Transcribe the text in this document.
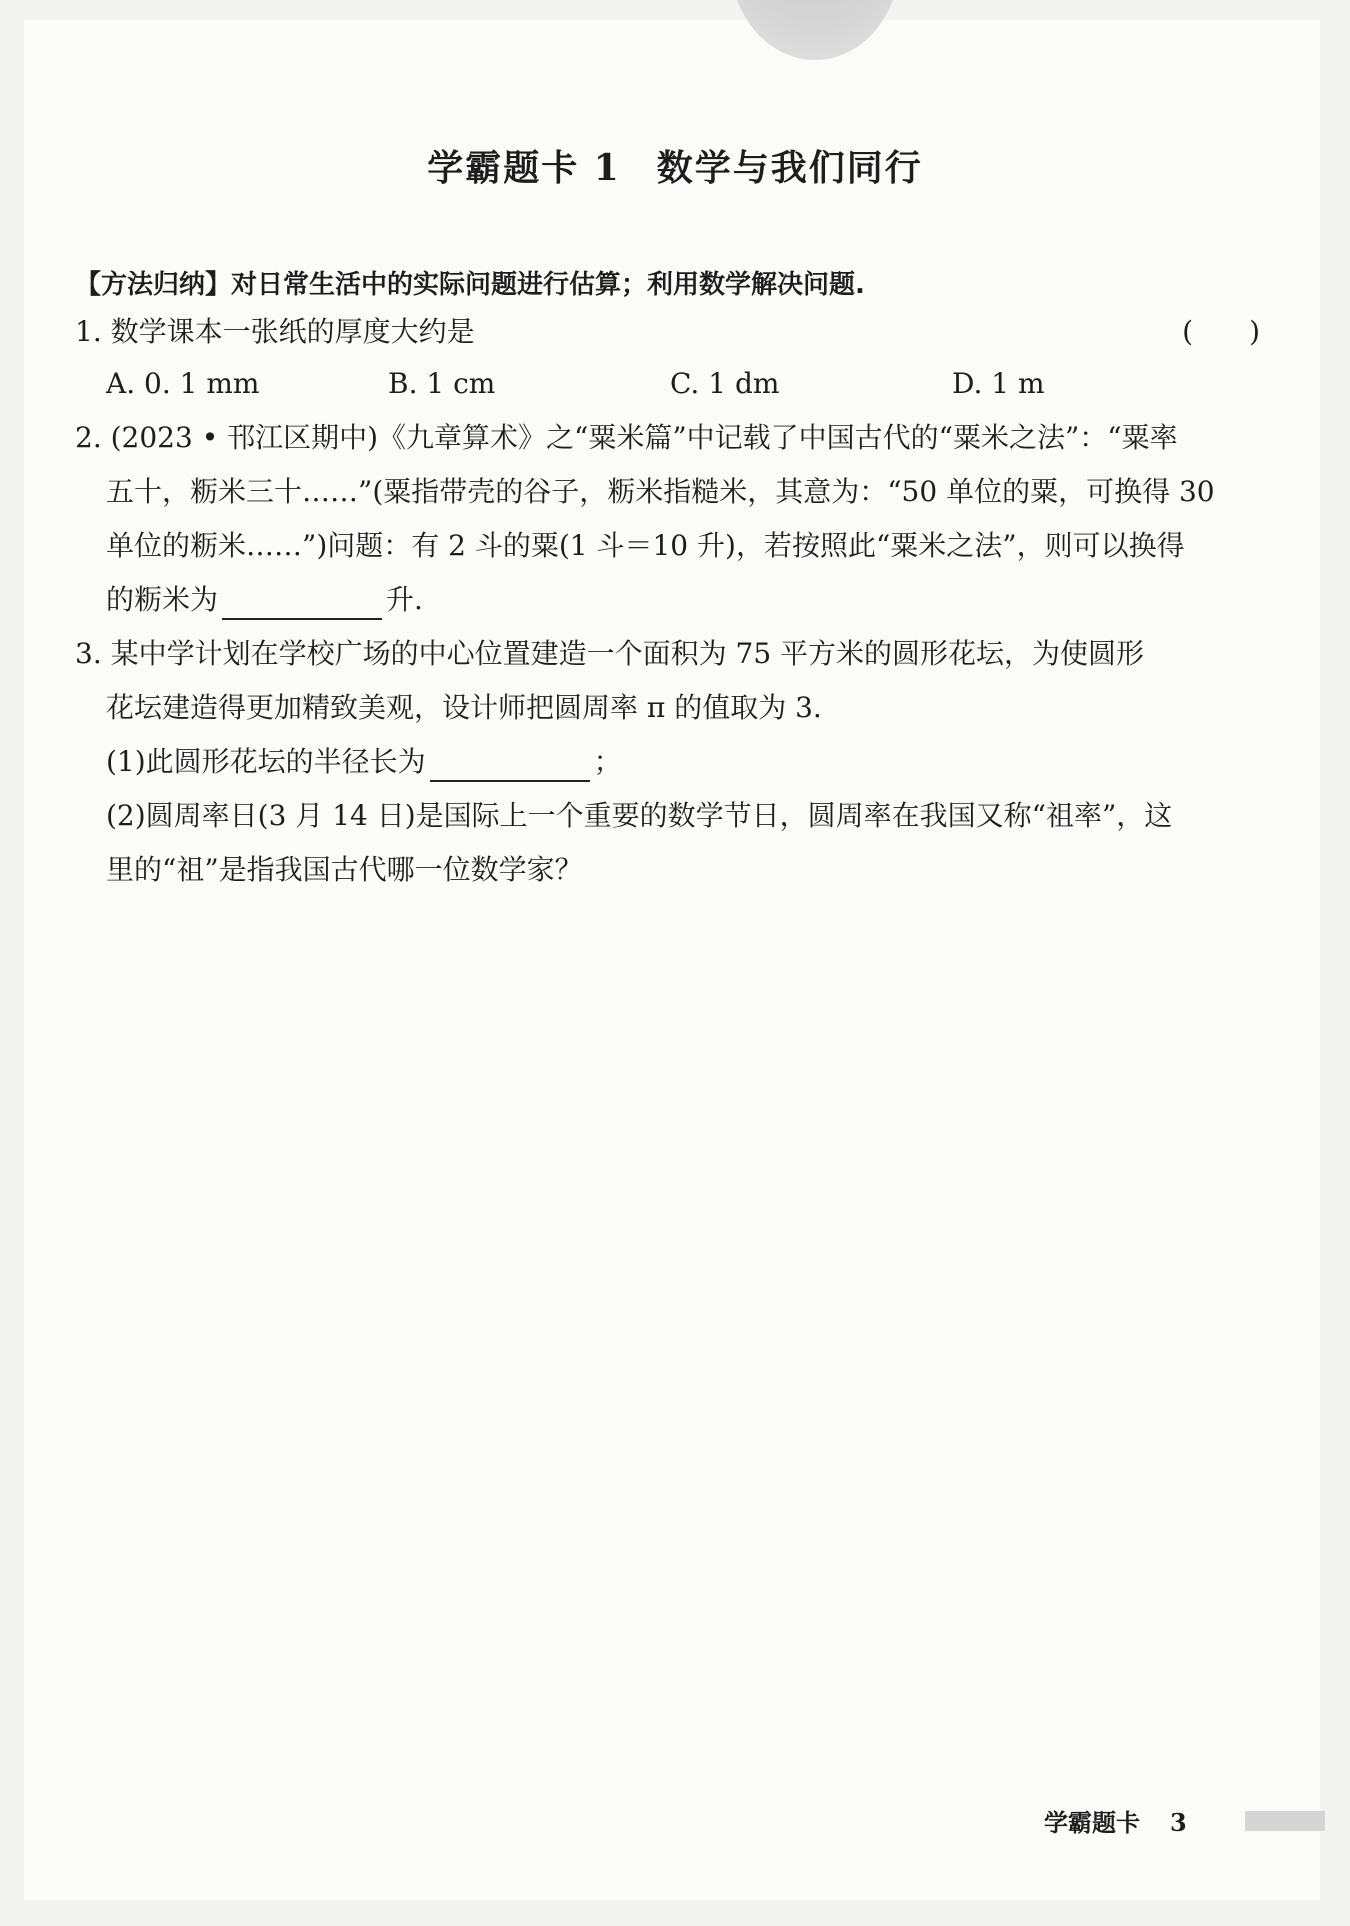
学霸题卡 1 数学与我们同行
【方法归纳】对日常生活中的实际问题进行估算；利用数学解决问题.
1. 数学课本一张纸的厚度大约是	(　　)
A. 0. 1 mm	B. 1 cm	C. 1 dm	D. 1 m
2. (2023 • 邗江区期中)《九章算术》之“粟米篇”中记载了中国古代的“粟米之法”：“粟率
五十，粝米三十……”(粟指带壳的谷子，粝米指糙米，其意为：“50 单位的粟，可换得 30
单位的粝米……”)问题：有 2 斗的粟(1 斗＝10 升)，若按照此“粟米之法”，则可以换得
的粝米为	升.
3. 某中学计划在学校广场的中心位置建造一个面积为 75 平方米的圆形花坛，为使圆形
花坛建造得更加精致美观，设计师把圆周率 π 的值取为 3.
(1)此圆形花坛的半径长为	；
(2)圆周率日(3 月 14 日)是国际上一个重要的数学节日，圆周率在我国又称“祖率”，这
里的“祖”是指我国古代哪一位数学家？
学霸题卡 3
